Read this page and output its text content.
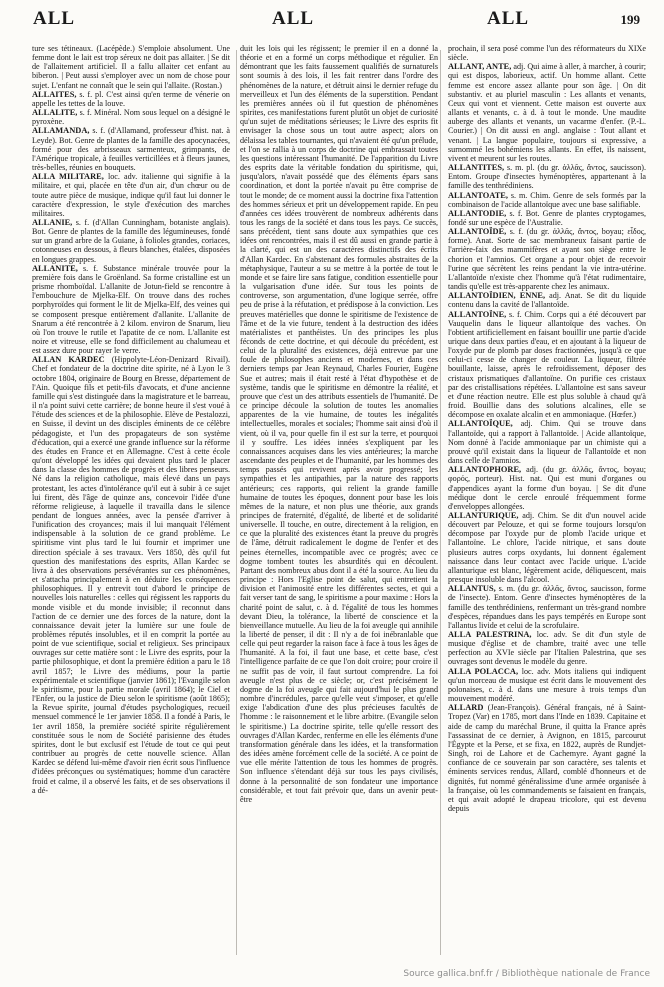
ALL	ALL	ALL	199

ture ses tétineaux. (Lacépède.) S'emploie absolument. Une femme dont le lait est trop séreux ne doit pas allaiter. | Se dit de l'allaitement artificiel. Il a fallu allaiter cet enfant au biberon. | Peut aussi s'employer avec un nom de chose pour sujet. L'enfant ne connaît que le sein qui l'allaite. (Rostan.)

ALLAITES, s. f. pl. C'est ainsi qu'en terme de vénerie on appelle les tettes de la louve.

ALLALITE, s. f. Minéral. Nom sous lequel on a désigné le pyroxène.

ALLAMANDA, s. f. (d'Allamand, professeur d'hist. nat. à Leyde). Bot. Genre de plantes de la famille des apocynacées, formé pour des arbrisseaux sarmenteux, grimpants, de l'Amérique tropicale, à feuilles verticillées et à fleurs jaunes, très-belles, réunies en bouquets.

ALLA MILITARE, loc. adv. italienne qui signifie à la militaire, et qui, placée en tête d'un air, d'un chœur ou de toute autre pièce de musique, indique qu'il faut lui donner le caractère d'expression, le style d'exécution des marches militaires.

ALLANIE, s. f. (d'Allan Cunningham, botaniste anglais). Bot. Genre de plantes de la famille des légumineuses, fondé sur un grand arbre de la Guiane, à folioles grandes, coriaces, cotonneuses en dessous, à fleurs blanches, étalées, disposées en longues grappes.

ALLANITE, s. f. Substance minérale trouvée pour la première fois dans le Groënland. Sa forme cristalline est un prisme rhomboïdal. L'allanite de Jotun-field se rencontre à l'embouchure de Mjelka-Elf. On trouve dans des roches porphyroïdes qui forment le lit de Mjelka-Elf, des veines qui se composent presque entièrement d'allanite. L'allanite de Snarum a été rencontrée à 2 kilom. environ de Snarum, lieu où l'on trouve le rutile et l'apatite de ce nom. L'allanite est noire et vitreuse, elle se fond difficilement au chalumeau et est assez dure pour rayer le verre.

ALLAN KARDEC (Hippolyte-Léon-Denizard Rivail). Chef et fondateur de la doctrine dite spirite, né à Lyon le 3 octobre 1804, originaire de Bourg en Bresse, département de l'Ain. Quoique fils et petit-fils d'avocats, et d'une ancienne famille qui s'est distinguée dans la magistrature et le barreau, il n'a point suivi cette carrière; de bonne heure il s'est voué à l'étude des sciences et de la philosophie. Elève de Pestalozzi, en Suisse, il devint un des disciples éminents de ce célèbre pédagogiste, et l'un des propagateurs de son système d'éducation, qui a exercé une grande influence sur la réforme des études en France et en Allemagne. C'est à cette école qu'ont développé les idées qui devaient plus tard le placer dans la classe des hommes de progrès et des libres penseurs. Né dans la religion catholique, mais élevé dans un pays protestant, les actes d'intolérance qu'il eut à subir à ce sujet lui firent, dès l'âge de quinze ans, concevoir l'idée d'une réforme religieuse, à laquelle il travailla dans le silence pendant de longues années, avec la pensée d'arriver à l'unification des croyances; mais il lui manquait l'élément indispensable à la solution de ce grand problème. Le spiritisme vint plus tard le lui fournir et imprimer une direction spéciale à ses travaux. Vers 1850, dès qu'il fut question des manifestations des esprits, Allan Kardec se livra à des observations persévérantes sur ces phénomènes, et s'attacha principalement à en déduire les conséquences philosophiques. Il y entrevit tout d'abord le principe de nouvelles lois naturelles : celles qui régissent les rapports du monde visible et du monde invisible; il reconnut dans l'action de ce dernier une des forces de la nature, dont la connaissance devait jeter la lumière sur une foule de problèmes réputés insolubles, et il en comprit la portée au point de vue scientifique, social et religieux. Ses principaux ouvrages sur cette matière sont : le Livre des esprits, pour la partie philosophique, et dont la première édition a paru le 18 avril 1857; le Livre des médiums, pour la partie expérimentale et scientifique (janvier 1861); l'Evangile selon le spiritisme, pour la partie morale (avril 1864); le Ciel et l'Enfer, ou la justice de Dieu selon le spiritisme (août 1865); la Revue spirite, journal d'études psychologiques, recueil mensuel commencé le 1er janvier 1858. Il a fondé à Paris, le 1er avril 1858, la première société spirite régulièrement constituée sous le nom de Société parisienne des études spirites, dont le but exclusif est l'étude de tout ce qui peut contribuer au progrès de cette nouvelle science. Allan Kardec se défend lui-même d'avoir rien écrit sous l'influence d'idées préconçues ou systématiques; homme d'un caractère froid et calme, il a observé les faits, et de ses observations il a dé-

duit les lois qui les régissent; le premier il en a donné la théorie et en a formé un corps méthodique et régulier. En démontrant que les faits faussement qualifiés de surnaturels sont soumis à des lois, il les fait rentrer dans l'ordre des phénomènes de la nature, et détruit ainsi le dernier refuge du merveilleux et l'un des éléments de la superstition. Pendant les premières années où il fut question de phénomènes spirites, ces manifestations furent plutôt un objet de curiosité qu'un sujet de méditations sérieuses; le Livre des esprits fit envisager la chose sous un tout autre aspect; alors on délaissa les tables tournantes, qui n'avaient été qu'un prélude, et l'on se rallia à un corps de doctrine qui embrassait toutes les questions intéressant l'humanité. De l'apparition du Livre des esprits date la véritable fondation du spiritisme, qui, jusqu'alors, n'avait possédé que des éléments épars sans coordination, et dont la portée n'avait pu être comprise de tout le monde; de ce moment aussi la doctrine fixa l'attention des hommes sérieux et prit un développement rapide. En peu d'années ces idées trouvèrent de nombreux adhérents dans tous les rangs de la société et dans tous les pays. Ce succès, sans précédent, tient sans doute aux sympathies que ces idées ont rencontrées, mais il est dû aussi en grande partie à la clarté, qui est un des caractères distinctifs des écrits d'Allan Kardec. En s'abstenant des formules abstraites de la métaphysique, l'auteur a su se mettre à la portée de tout le monde et se faire lire sans fatigue, condition essentielle pour la vulgarisation d'une idée. Sur tous les points de controverse, son argumentation, d'une logique serrée, offre peu de prise à la réfutation, et prédispose à la conviction. Les preuves matérielles que donne le spiritisme de l'existence de l'âme et de la vie future, tendent à la destruction des idées matérialistes et panthéistes. Un des principes les plus féconds de cette doctrine, et qui découle du précédent, est celui de la pluralité des existences, déjà entrevue par une foule de philosophes anciens et modernes, et dans ces derniers temps par Jean Reynaud, Charles Fourier, Eugène Sue et autres; mais il était resté à l'état d'hypothèse et de système, tandis que le spiritisme en démontre la réalité, et prouve que c'est un des attributs essentiels de l'humanité. De ce principe découle la solution de toutes les anomalies apparentes de la vie humaine, de toutes les inégalités intellectuelles, morales et sociales; l'homme sait ainsi d'où il vient, où il va, pour quelle fin il est sur la terre, et pourquoi il y souffre. Les idées innées s'expliquent par les connaissances acquises dans les vies antérieures; la marche ascendante des peuples et de l'humanité, par les hommes des temps passés qui revivent après avoir progressé; les sympathies et les antipathies, par la nature des rapports antérieurs; ces rapports, qui relient la grande famille humaine de toutes les époques, donnent pour base les lois mêmes de la nature, et non plus une théorie, aux grands principes de fraternité, d'égalité, de liberté et de solidarité universelle. Il touche, en outre, directement à la religion, en ce que la pluralité des existences étant la preuve du progrès de l'âme, détruit radicalement le dogme de l'enfer et des peines éternelles, incompatible avec ce progrès; avec ce dogme tombent toutes les absurdités qui en découlent. Partant des nombreux abus dont il a été la source. Au lieu du principe : Hors l'Eglise point de salut, qui entretient la division et l'animosité entre les différentes sectes, et qui a fait verser tant de sang, le spiritisme a pour maxime : Hors la charité point de salut, c. à d. l'égalité de tous les hommes devant Dieu, la tolérance, la liberté de conscience et la bienveillance mutuelle. Au lieu de la foi aveugle qui annihile la liberté de penser, il dit : Il n'y a de foi inébranlable que celle qui peut regarder la raison face à face à tous les âges de l'humanité. A la foi, il faut une base, et cette base, c'est l'intelligence parfaite de ce que l'on doit croire; pour croire il ne suffit pas de voir, il faut surtout comprendre. La foi aveugle n'est plus de ce siècle; or, c'est précisément le dogme de la foi aveugle qui fait aujourd'hui le plus grand nombre d'incrédules, parce qu'elle veut s'imposer, et qu'elle exige l'abdication d'une des plus précieuses facultés de l'homme : le raisonnement et le libre arbitre. (Evangile selon le spiritisme.) La doctrine spirite, telle qu'elle ressort des ouvrages d'Allan Kardec, renferme en elle les éléments d'une transformation générale dans les idées, et la transformation des idées amène forcément celle de la société. A ce point de vue elle mérite l'attention de tous les hommes de progrès. Son influence s'étendant déjà sur tous les pays civilisés, donne à la personnalité de son fondateur une importance considérable, et tout fait prévoir que, dans un avenir peut-être

prochain, il sera posé comme l'un des réformateurs du XIXe siècle.

ALLANT, ANTE, adj. Qui aime à aller, à marcher, à courir; qui est dispos, laborieux, actif. Un homme allant. Cette femme est encore assez allante pour son âge. | On dit substantiv. et au pluriel masculin : Les allants et venants, Ceux qui vont et viennent. Cette maison est ouverte aux allants et venants, c. à d. à tout le monde. Une maudite auberge des allants et venants, un vacarme d'enfer. (P.-L. Courier.) | On dit aussi en angl. anglaise : Tout allant et venant. | La langue populaire, toujours si expressive, a surnommé les bohémiens les allants. En effet, ils naissent, vivent et meurent sur les routes.

ALLANTITES, s. m. pl. (du gr. ἀλλᾶς, ἄντος, saucisson). Entom. Groupe d'insectes hyménoptères, appartenant à la famille des tenthrédiniens.

ALLANTOATE, s. m. Chim. Genre de sels formés par la combinaison de l'acide allantoïque avec une base salifiable.

ALLANTODIE, s. f. Bot. Genre de plantes cryptogames, fondé sur une espèce de l'Australie.

ALLANTOÏDE, s. f. (du gr. ἀλλᾶς, ἄντος, boyau; εἶδος, forme). Anat. Sorte de sac membraneux faisant partie de l'arrière-faix des mammifères et ayant son siège entre le chorion et l'amnios. Cet organe a pour objet de recevoir l'urine que sécrètent les reins pendant la vie intra-utérine. L'allantoïde n'existe chez l'homme qu'à l'état rudimentaire, tandis qu'elle est très-apparente chez les animaux.

ALLANTOÏDIEN, ENNE, adj. Anat. Se dit du liquide contenu dans la cavité de l'allantoïde.

ALLANTOÏNE, s. f. Chim. Corps qui a été découvert par Vauquelin dans le liqueur allantoïque des vaches. On l'obtient artificiellement en faisant bouillir une partie d'acide urique dans deux parties d'eau, et en ajoutant à la liqueur de l'oxyde pur de plomb par doses fractionnées, jusqu'à ce que celui-ci cesse de changer de couleur. La liqueur, filtrée bouillante, laisse, après le refroidissement, déposer des cristaux prismatiques d'allantoïne. On purifie ces cristaux par des cristallisations répétées. L'allantoïne est sans saveur et d'une réaction neutre. Elle est plus soluble à chaud qu'à froid. Bouillie dans des solutions alcalines, elle se décompose en oxalate alcalin et en ammoniaque. (Hœfer.)

ALLANTOÏQUE, adj. Chim. Qui se trouve dans l'allantoïde, qui a rapport à l'allantoïde. | Acide allantoïque, Nom donné à l'acide ammoniaque par un chimiste qui a prouvé qu'il existait dans la liqueur de l'allantoïde et non dans celle de l'amnios.

ALLANTOPHORE, adj. (du gr. ἀλλᾶς, ἄντος, boyau; φορός, porteur). Hist. nat. Qui est muni d'organes ou d'appendices ayant la forme d'un boyau. | Se dit d'une médique dont le cercle enroulé fréquemment forme d'enveloppes allongées.

ALLANTURIQUE, adj. Chim. Se dit d'un nouvel acide découvert par Pelouze, et qui se forme toujours lorsqu'on décompose par l'oxyde pur de plomb l'acide urique et l'allantoïne. Le chlore, l'acide nitrique, et sans doute plusieurs autres corps oxydants, lui donnent également naissance dans leur contact avec l'acide urique. L'acide allanturique est blanc, légèrement acide, déliquescent, mais presque insoluble dans l'alcool.

ALLANTUS, s. m. (du gr. ἀλλᾶς, ἄντος, saucisson, forme de l'insecte). Entom. Genre d'insectes hyménoptères de la famille des tenthrédiniens, renfermant un très-grand nombre d'espèces, répandues dans les pays tempérés en Europe sont l'allantus livide et celui de la scrofulaire.

ALLA PALESTRINA, loc. adv. Se dit d'un style de musique d'église et de chambre, traité avec une telle perfection au XVIe siècle par l'Italien Palestrina, que ses ouvrages sont devenus le modèle du genre.

ALLA POLACCA, loc. adv. Mots italiens qui indiquent qu'un morceau de musique est écrit dans le mouvement des polonaises, c. à d. dans une mesure à trois temps d'un mouvement modéré.

ALLARD (Jean-François). Général français, né à Saint-Tropez (Var) en 1785, mort dans l'Inde en 1839. Capitaine et aide de camp du maréchal Brune, il quitta la France après l'assassinat de ce dernier, à Avignon, en 1815, parcourut l'Égypte et la Perse, et se fixa, en 1822, auprès de Rundjet-Singh, roi de Lahore et de Cachemyre. Ayant gagné la confiance de ce souverain par son caractère, ses talents et éminents services rendus, Allard, comblé d'honneurs et de dignités, fut nommé généralissime d'une armée organisée à la française, où les commandements se faisaient en français, et qui avait adopté le drapeau tricolore, qui est devenu depuis

Source gallica.bnf.fr / Bibliothèque nationale de France
